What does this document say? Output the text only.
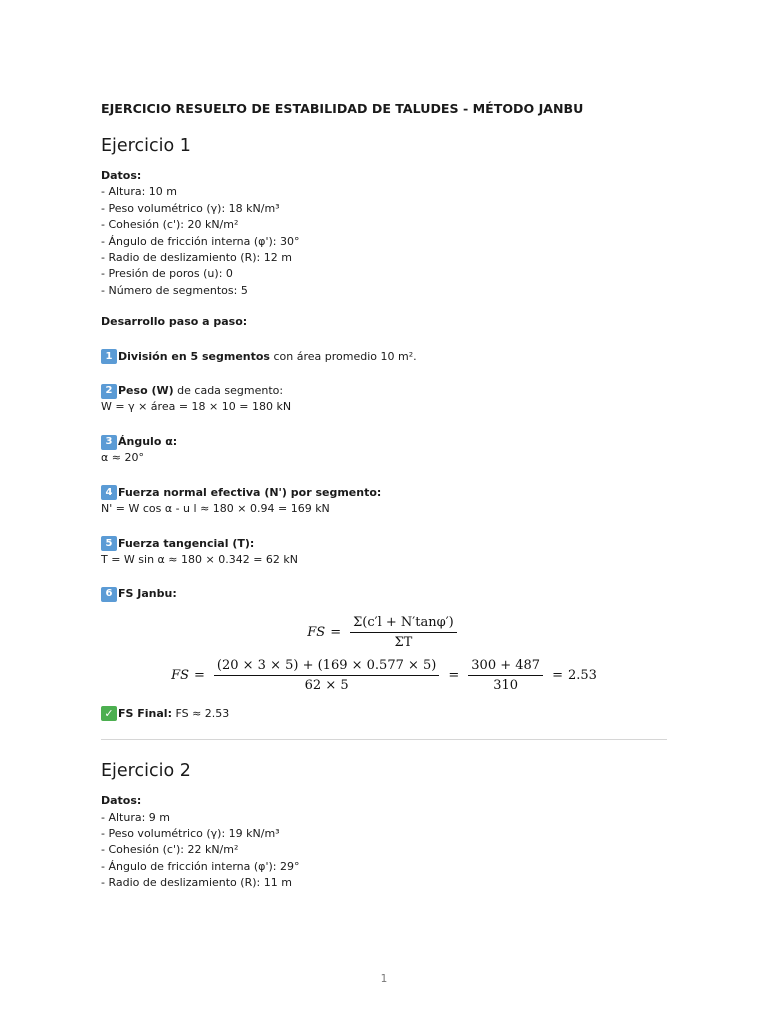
EJERCICIO RESUELTO DE ESTABILIDAD DE TALUDES - MÉTODO JANBU
Ejercicio 1
Datos:
- Altura: 10 m
- Peso volumétrico (γ): 18 kN/m³
- Cohesión (c'): 20 kN/m²
- Ángulo de fricción interna (φ'): 30°
- Radio de deslizamiento (R): 12 m
- Presión de poros (u): 0
- Número de segmentos: 5
Desarrollo paso a paso:
1 División en 5 segmentos con área promedio 10 m².
2 Peso (W) de cada segmento:
W = γ × área = 18 × 10 = 180 kN
3 Ángulo α:
α ≈ 20°
4 Fuerza normal efectiva (N') por segmento:
N' = W cos α - u l ≈ 180 × 0.94 = 169 kN
5 Fuerza tangencial (T):
T = W sin α ≈ 180 × 0.342 = 62 kN
6 FS Janbu:
FS = $\frac{\Sigma(c'l + N'\tan\varphi')}{\Sigma T}$
FS = $\frac{(20 \times 3 \times 5) + (169 \times 0.577 \times 5)}{62 \times 5} = \frac{300 + 487}{310} = 2.53$
✓ FS Final: FS ≈ 2.53
Ejercicio 2
Datos:
- Altura: 9 m
- Peso volumétrico (γ): 19 kN/m³
- Cohesión (c'): 22 kN/m²
- Ángulo de fricción interna (φ'): 29°
- Radio de deslizamiento (R): 11 m
1
